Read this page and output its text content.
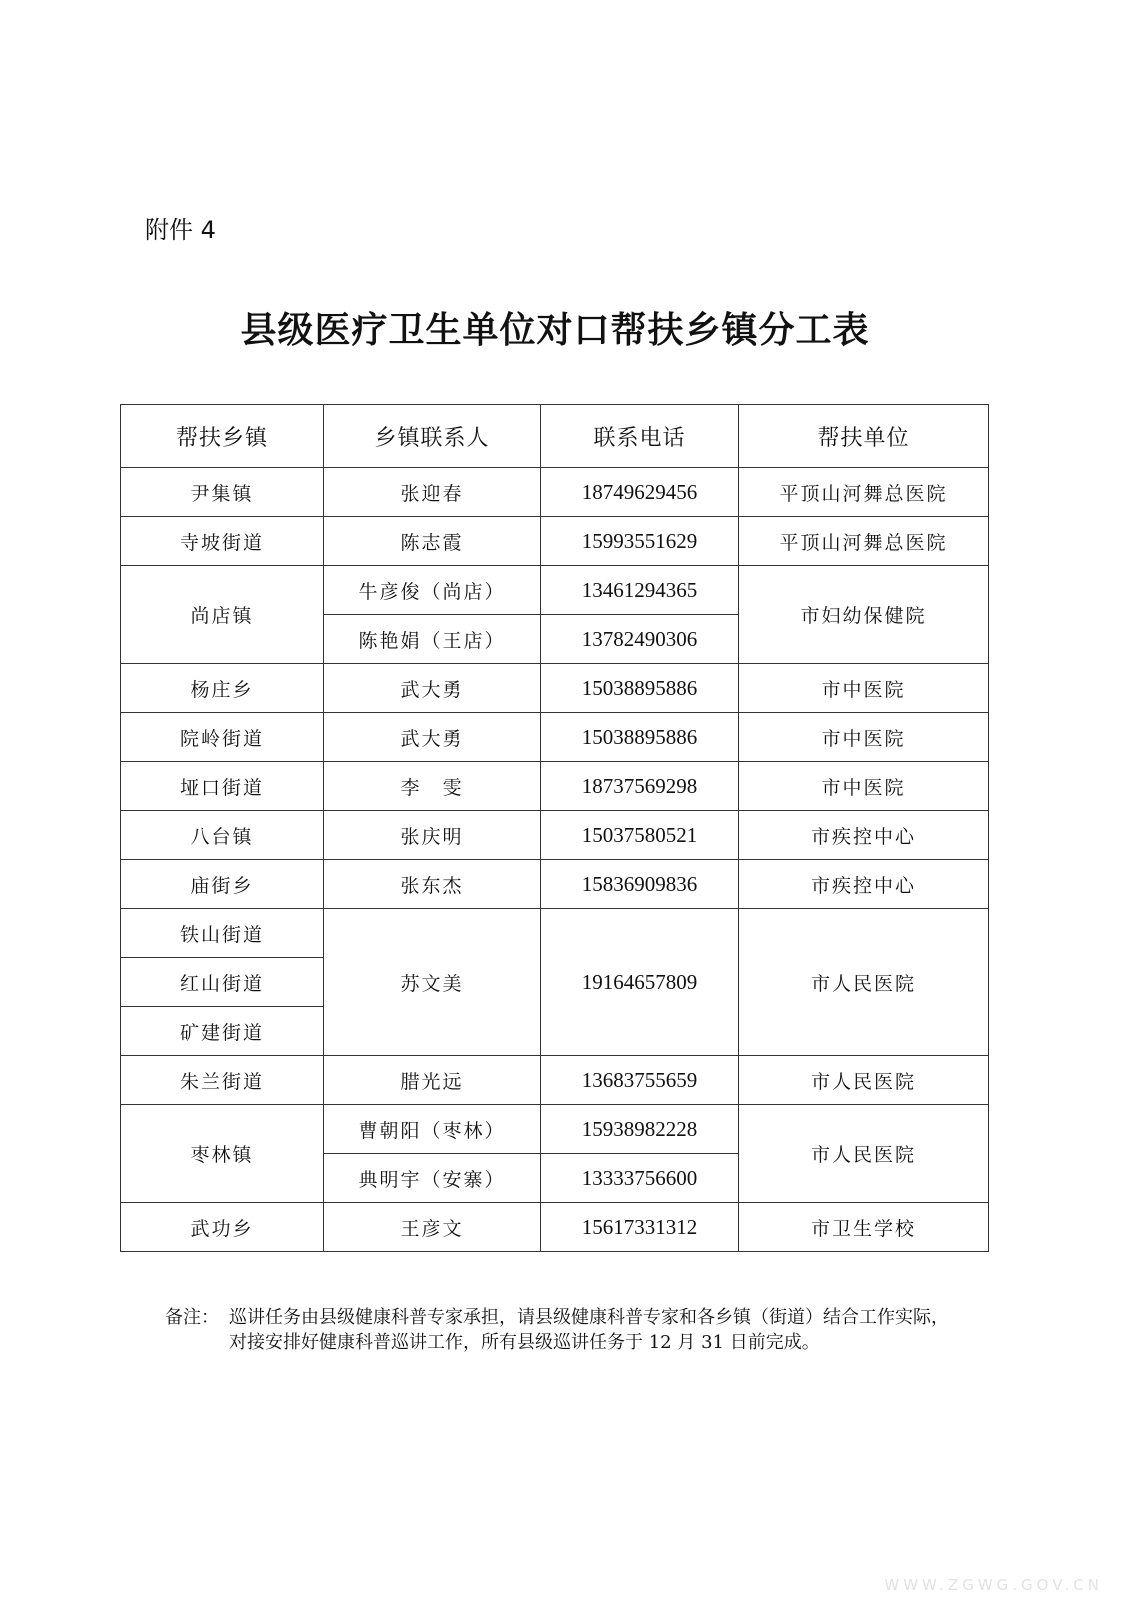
附件 4
县级医疗卫生单位对口帮扶乡镇分工表
帮扶乡镇	乡镇联系人	联系电话	帮扶单位
尹集镇	张迎春	18749629456	平顶山河舞总医院
寺坡街道	陈志霞	15993551629	平顶山河舞总医院
尚店镇	牛彦俊（尚店）	13461294365	市妇幼保健院
	陈艳娟（王店）	13782490306	
杨庄乡	武大勇	15038895886	市中医院
院岭街道	武大勇	15038895886	市中医院
垭口街道	李　雯	18737569298	市中医院
八台镇	张庆明	15037580521	市疾控中心
庙街乡	张东杰	15836909836	市疾控中心
铁山街道	苏文美	19164657809	市人民医院
红山街道			
矿建街道			
朱兰街道	腊光远	13683755659	市人民医院
枣林镇	曹朝阳（枣林）	15938982228	市人民医院
	典明宇（安寨）	13333756600	
武功乡	王彦文	15617331312	市卫生学校
备注： 巡讲任务由县级健康科普专家承担，请县级健康科普专家和各乡镇（街道）结合工作实际，对接安排好健康科普巡讲工作，所有县级巡讲任务于 12 月 31 日前完成。
WWW.ZGWG.GOV.CN
